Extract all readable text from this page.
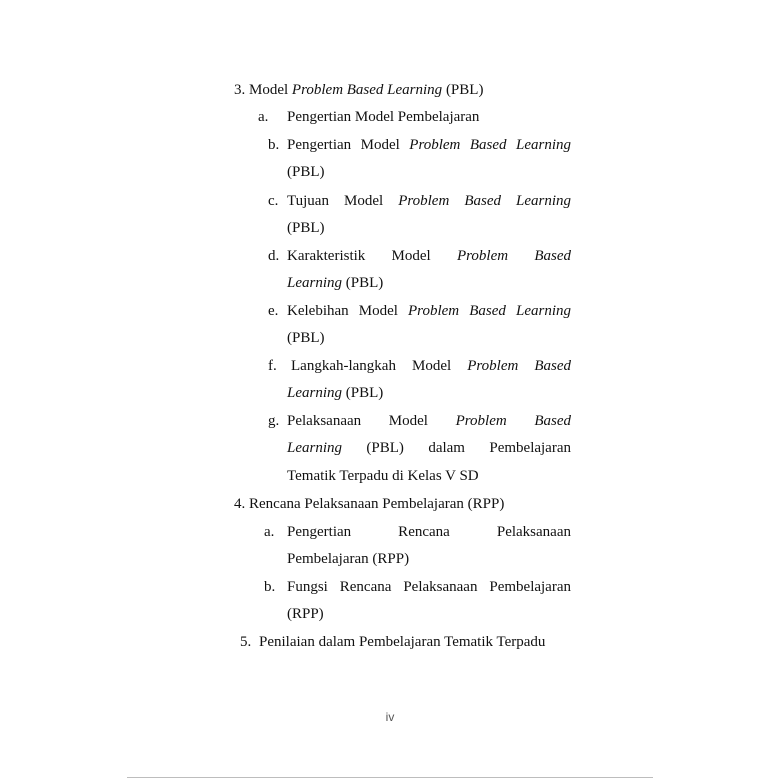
3. Model Problem Based Learning (PBL)
a. Pengertian Model Pembelajaran
b. Pengertian Model Problem Based Learning
(PBL)
c. Tujuan Model Problem Based Learning
(PBL)
d. Karakteristik Model Problem Based
Learning (PBL)
e. Kelebihan Model Problem Based Learning
(PBL)
f. Langkah-langkah Model Problem Based
Learning (PBL)
g. Pelaksanaan Model Problem Based
Learning (PBL) dalam Pembelajaran
Tematik Terpadu di Kelas V SD
4. Rencana Pelaksanaan Pembelajaran (RPP)
a. Pengertian Rencana Pelaksanaan
Pembelajaran (RPP)
b. Fungsi Rencana Pelaksanaan Pembelajaran
(RPP)
5. Penilaian dalam Pembelajaran Tematik Terpadu
iv
